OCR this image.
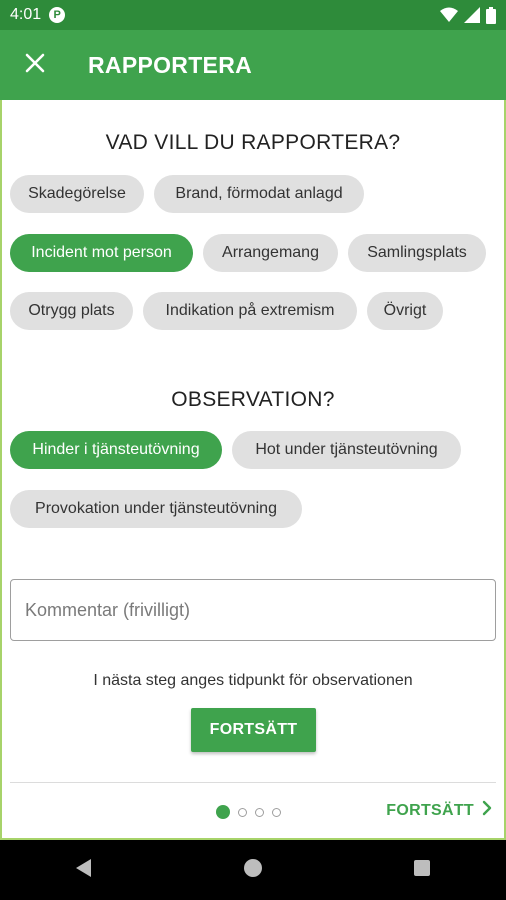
4:01	P
RAPPORTERA
VAD VILL DU RAPPORTERA?
Skadegörelse	Brand, förmodat anlagd
Incident mot person	Arrangemang	Samlingsplats
Otrygg plats	Indikation på extremism	Övrigt
OBSERVATION?
Hinder i tjänsteutövning	Hot under tjänsteutövning
Provokation under tjänsteutövning
Kommentar (frivilligt)
I nästa steg anges tidpunkt för observationen
FORTSÄTT
FORTSÄTT
